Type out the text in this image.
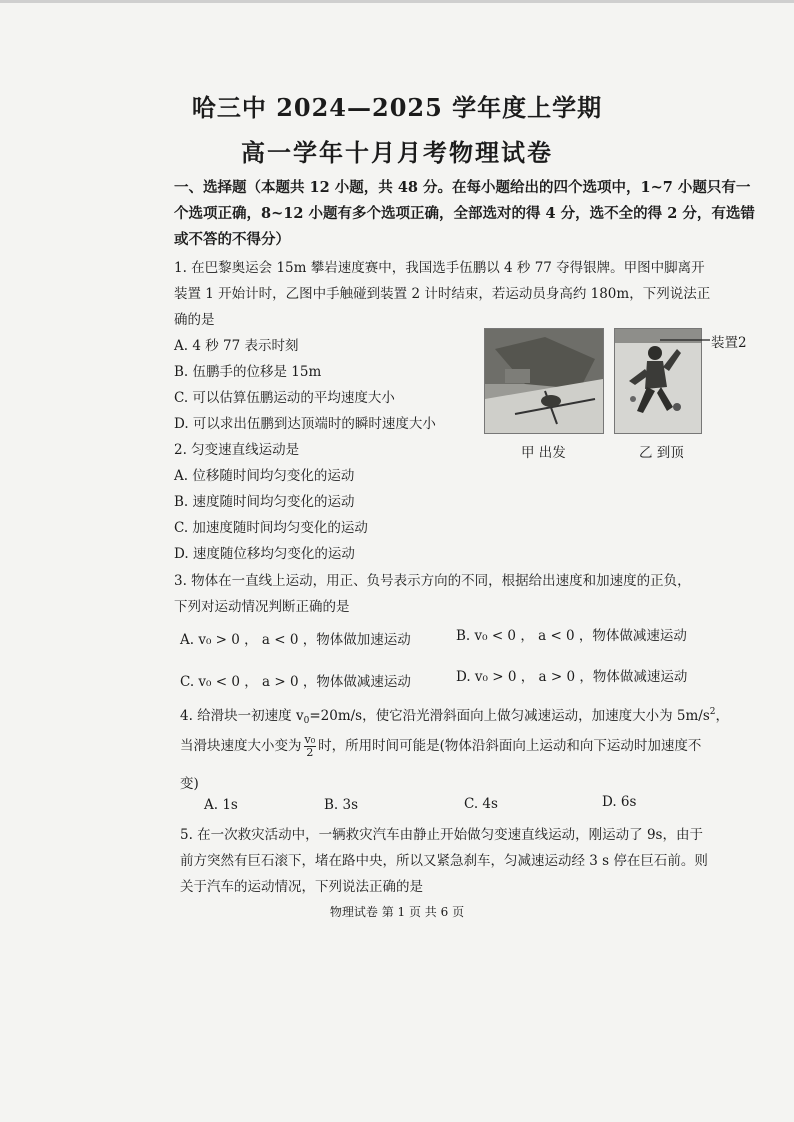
哈三中 2024—2025 学年度上学期
高一学年十月月考物理试卷
一、选择题（本题共 12 小题，共 48 分。在每小题给出的四个选项中，1~7 小题只有一
个选项正确，8~12 小题有多个选项正确，全部选对的得 4 分，选不全的得 2 分，有选错
或不答的不得分）
1. 在巴黎奥运会 15m 攀岩速度赛中，我国选手伍鹏以 4 秒 77 夺得银牌。甲图中脚离开
装置 1 开始计时，乙图中手触碰到装置 2 计时结束，若运动员身高约 180m，下列说法正
确的是
A. 4 秒 77 表示时刻
B. 伍鹏手的位移是 15m
C. 可以估算伍鹏运动的平均速度大小
D. 可以求出伍鹏到达顶端时的瞬时速度大小
装置2
甲 出发	乙 到顶
2. 匀变速直线运动是
A. 位移随时间均匀变化的运动
B. 速度随时间均匀变化的运动
C. 加速度随时间均匀变化的运动
D. 速度随位移均匀变化的运动
3. 物体在一直线上运动，用正、负号表示方向的不同，根据给出速度和加速度的正负，
下列对运动情况判断正确的是
A. v₀ > 0 ， a < 0 ，物体做加速运动	B. v₀ < 0 ， a < 0 ，物体做减速运动
C. v₀ < 0 ， a > 0 ，物体做减速运动	D. v₀ > 0 ， a > 0 ，物体做减速运动
4. 给滑块一初速度 $v_0=20m/s$，使它沿光滑斜面向上做匀减速运动，加速度大小为 $5m/s^2$，
当滑块速度大小变为 $\frac{\text{v₀}}{2}$ 时，所用时间可能是(物体沿斜面向上运动和向下运动时加速度不
变)
A. 1s	B. 3s	C. 4s	D. 6s
5. 在一次救灾活动中，一辆救灾汽车由静止开始做匀变速直线运动，刚运动了 9s，由于
前方突然有巨石滚下，堵在路中央，所以又紧急刹车，匀减速运动经 3 s 停在巨石前。则
关于汽车的运动情况，下列说法正确的是
物理试卷 第 1 页 共 6 页
